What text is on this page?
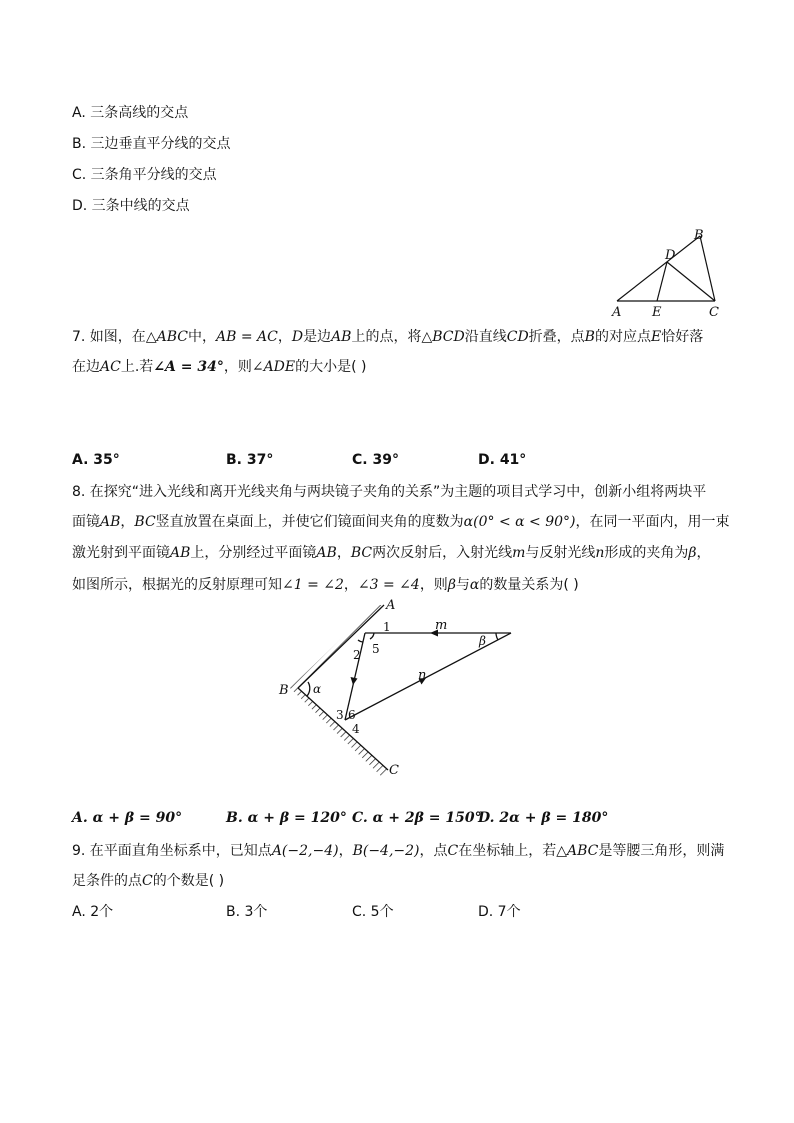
A. 三条高线的交点
B. 三边垂直平分线的交点
C. 三条角平分线的交点
D. 三条中线的交点
A E	C
D
B
7. 如图，在△ABC中，AB = AC，D是边AB上的点，将△BCD沿直线CD折叠，点B的对应点E恰好落
在边AC上.若∠A = 34°，则∠ADE的大小是( )
A. 35°	B. 37°	C. 39°	D. 41°
8. 在探究“进入光线和离开光线夹角与两块镜子夹角的关系”为主题的项目式学习中，创新小组将两块平
面镜AB，BC竖直放置在桌面上，并使它们镜面间夹角的度数为α(0° < α < 90°)，在同一平面内，用一束
激光射到平面镜AB上，分别经过平面镜AB，BC两次反射后，入射光线m与反射光线n形成的夹角为β，
如图所示，根据光的反射原理可知∠1 = ∠2，∠3 = ∠4，则β与α的数量关系为( )
A
B
C
m
n
α
β
1
2 5
3 6
4
A. α + β = 90°	B. α + β = 120° C. α + 2β = 150°
D. 2α + β = 180°
9. 在平面直角坐标系中，已知点A(−2,−4)，B(−4,−2)，点C在坐标轴上，若△ABC是等腰三角形，则满
足条件的点C的个数是( )
A. 2个	B. 3个	C. 5个	D. 7个
